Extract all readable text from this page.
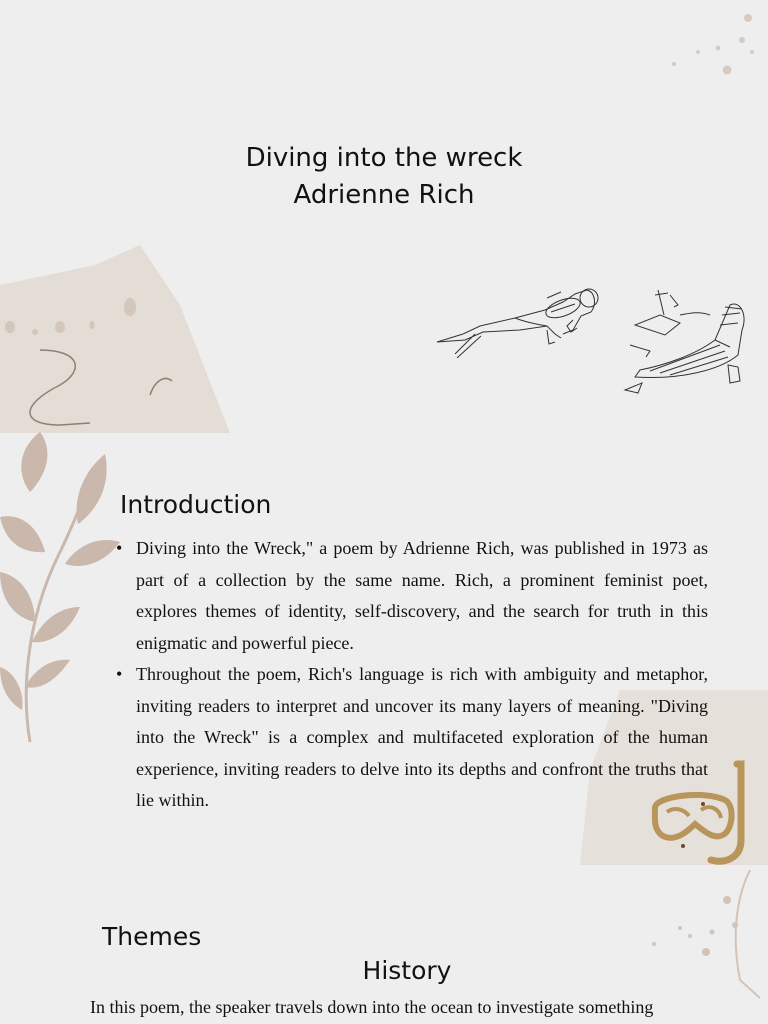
Diving into the wreck
Adrienne Rich
Introduction
• Diving into the Wreck," a poem by Adrienne Rich, was published in 1973 as part of a collection by the same name. Rich, a prominent feminist poet, explores themes of identity, self-discovery, and the search for truth in this enigmatic and powerful piece.
• Throughout the poem, Rich's language is rich with ambiguity and metaphor, inviting readers to interpret and uncover its many layers of meaning. "Diving into the Wreck" is a complex and multifaceted exploration of the human experience, inviting readers to delve into its depths and confront the truths that lie within.
Themes
History
In this poem, the speaker travels down into the ocean to investigate something
